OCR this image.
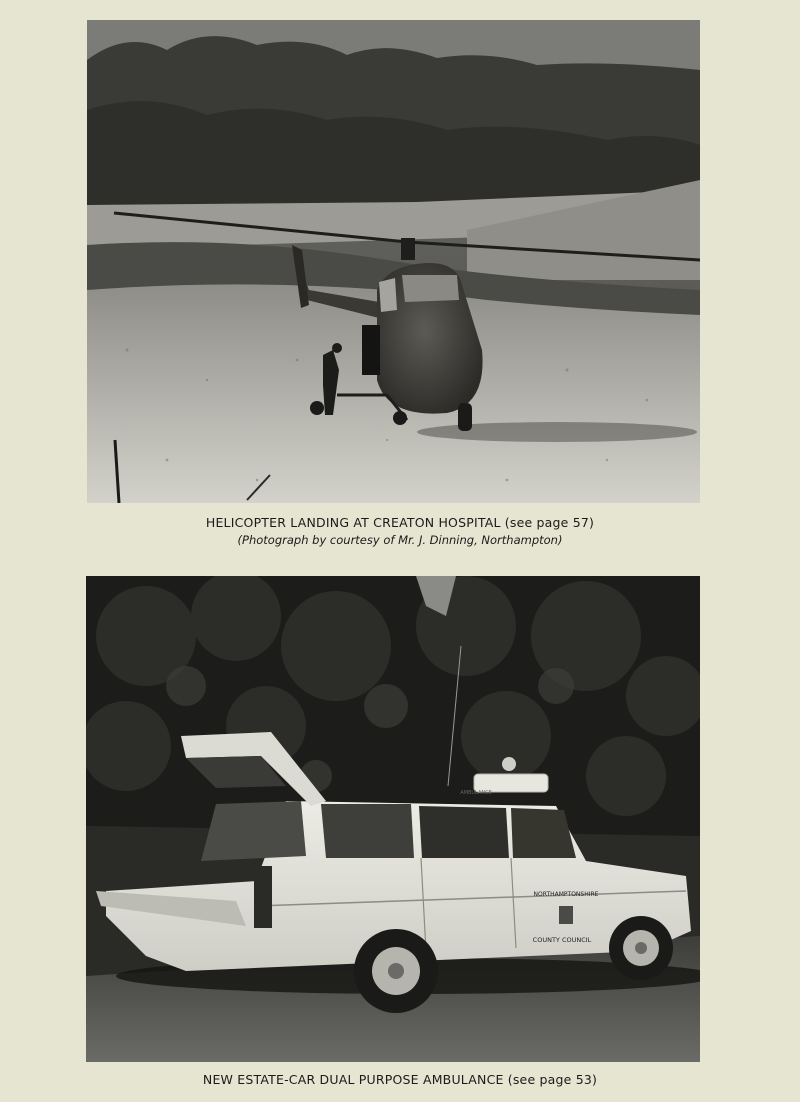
HELICOPTER LANDING AT CREATON HOSPITAL (see page 57)
(Photograph by courtesy of Mr. J. Dinning, Northampton)
NORTHAMPTONSHIRE
COUNTY COUNCIL
AMBULANCE
NEW ESTATE-CAR DUAL PURPOSE AMBULANCE (see page 53)
